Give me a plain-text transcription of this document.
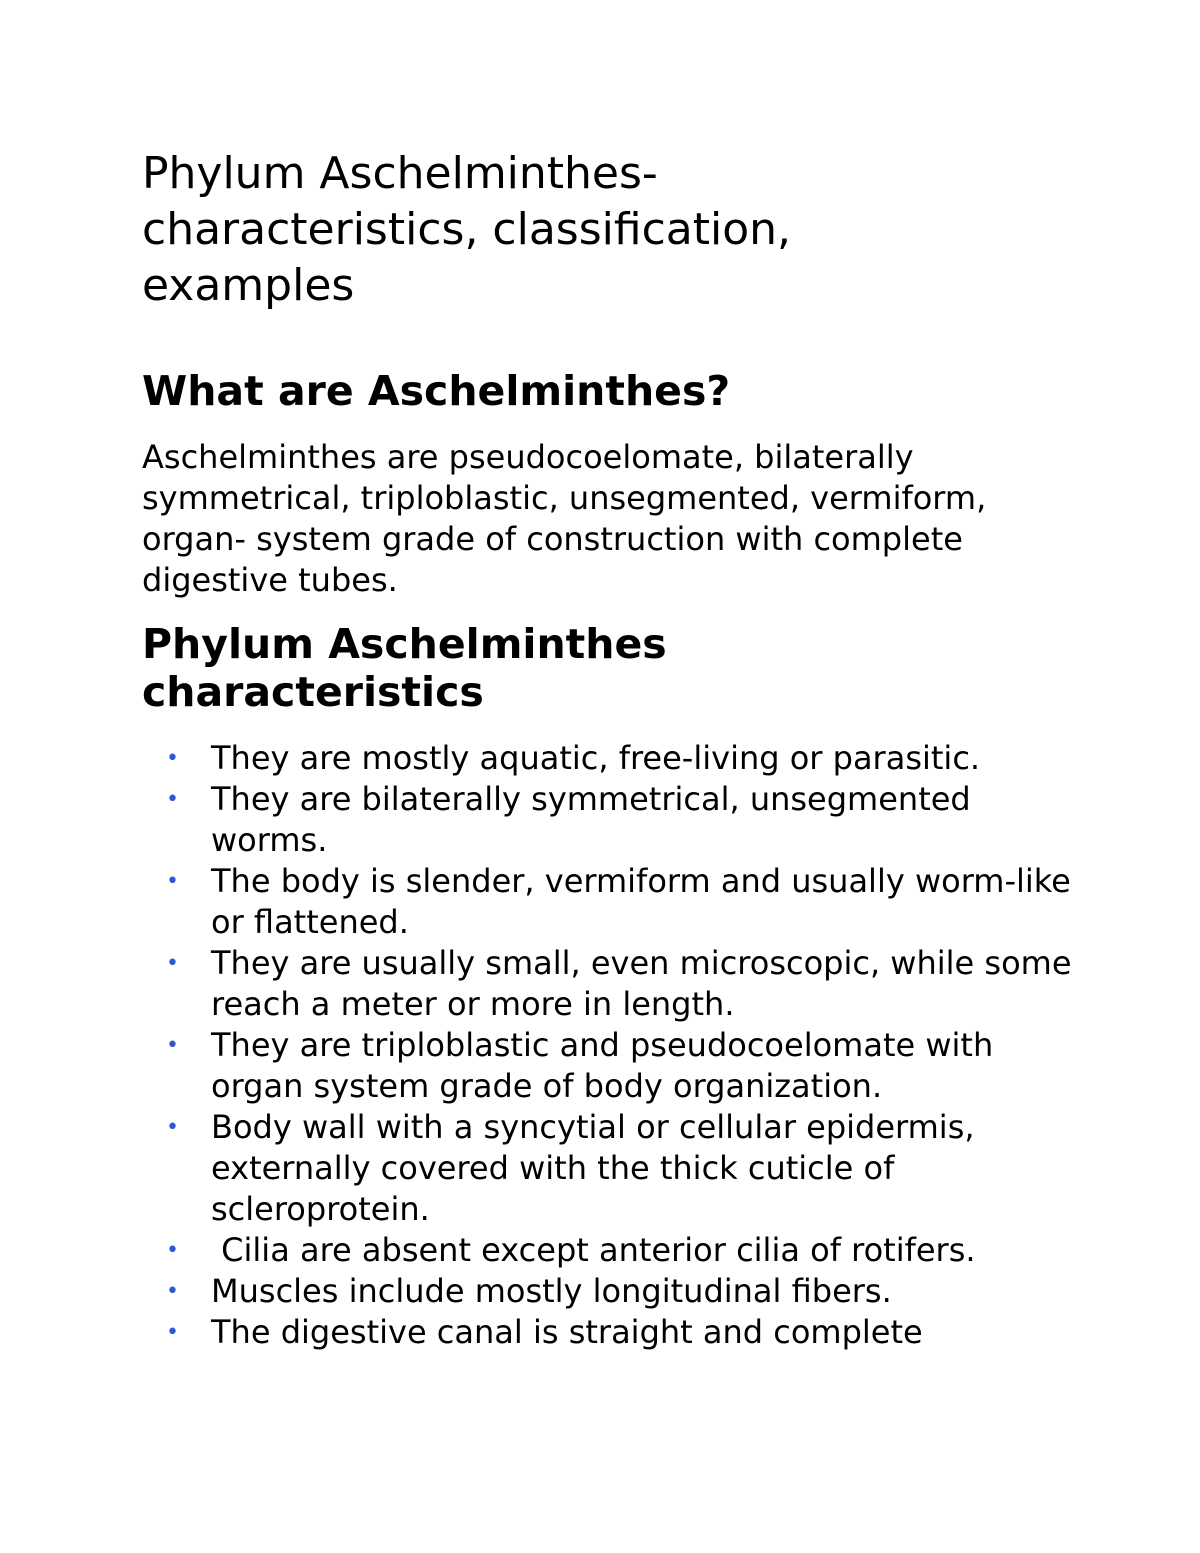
Phylum Aschelminthes- characteristics, classification, examples
What are Aschelminthes?

Aschelminthes are pseudocoelomate, bilaterally symmetrical, triploblastic, unsegmented, vermiform, organ- system grade of construction with complete digestive tubes.

Phylum Aschelminthes characteristics
• They are mostly aquatic, free-living or parasitic.
• They are bilaterally symmetrical, unsegmented worms.
• The body is slender, vermiform and usually worm-like or flattened.
• They are usually small, even microscopic, while some reach a meter or more in length.
• They are triploblastic and pseudocoelomate with organ system grade of body organization.
• Body wall with a syncytial or cellular epidermis, externally covered with the thick cuticle of scleroprotein.
• Cilia are absent except anterior cilia of rotifers.
• Muscles include mostly longitudinal fibers.
• The digestive canal is straight and complete
